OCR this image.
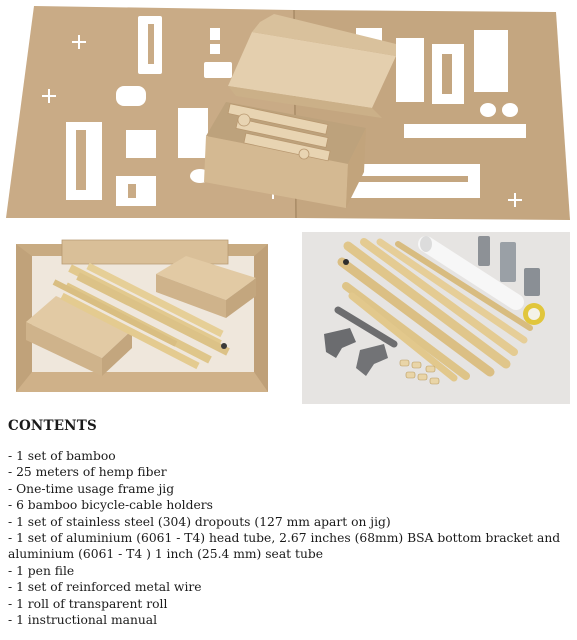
CONTENTS
- 1 set of bamboo
- 25 meters of hemp fiber
- One-time usage frame jig
- 6 bamboo bicycle-cable holders
- 1 set of stainless steel (304) dropouts (127 mm apart on jig)
- 1 set of aluminium (6061 - T4) head tube, 2.67 inches (68mm) BSA bottom bracket and aluminium (6061 - T4 ) 1 inch (25.4 mm) seat tube
- 1 pen file
- 1 set of reinforced metal wire
- 1 roll of transparent roll
- 1 instructional manual
